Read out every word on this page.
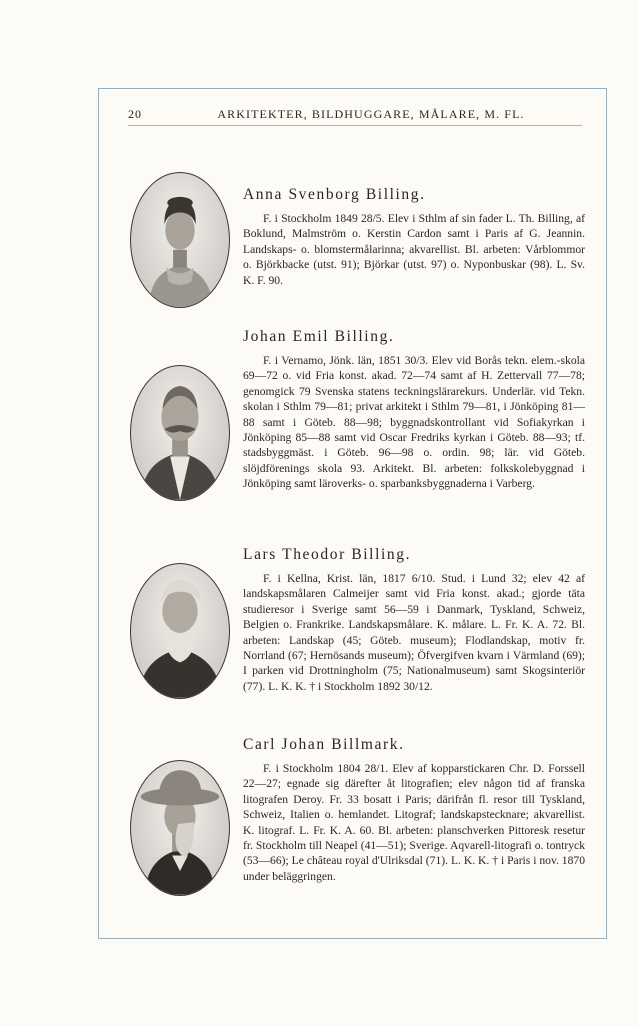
20	ARKITEKTER, BILDHUGGARE, MÅLARE, M. FL.

Anna Svenborg Billing.

F. i Stockholm 1849 28/5. Elev i Sthlm af sin fader L. Th. Billing, af Boklund, Malmström o. Kerstin Cardon samt i Paris af G. Jeannin. Landskaps- o. blomstermålarinna; akvarellist. Bl. arbeten: Vårblommor o. Björkbacke (utst. 91); Björkar (utst. 97) o. Nyponbuskar (98). L. Sv. K. F. 90.

Johan Emil Billing.

F. i Vernamo, Jönk. län, 1851 30/3. Elev vid Borås tekn. elem.-skola 69—72 o. vid Fria konst. akad. 72—74 samt af H. Zettervall 77—78; genomgick 79 Svenska statens teckningslärarekurs. Underlär. vid Tekn. skolan i Sthlm 79—81; privat arkitekt i Sthlm 79—81, i Jönköping 81—88 samt i Göteb. 88—98; byggnadskontrollant vid Sofiakyrkan i Jönköping 85—88 samt vid Oscar Fredriks kyrkan i Göteb. 88—93; tf. stadsbyggmäst. i Göteb. 96—98 o. ordin. 98; lär. vid Göteb. slöjdförenings skola 93. Arkitekt. Bl. arbeten: folkskolebyggnad i Jönköping samt läroverks- o. sparbanksbyggnaderna i Varberg.

Lars Theodor Billing.

F. i Kellna, Krist. län, 1817 6/10. Stud. i Lund 32; elev 42 af landskapsmålaren Calmeijer samt vid Fria konst. akad.; gjorde täta studieresor i Sverige samt 56—59 i Danmark, Tyskland, Schweiz, Belgien o. Frankrike. Landskapsmålare. K. målare. L. Fr. K. A. 72. Bl. arbeten: Landskap (45; Göteb. museum); Flodlandskap, motiv fr. Norrland (67; Hernösands museum); Öfvergifven kvarn i Värmland (69); I parken vid Drottningholm (75; Nationalmuseum) samt Skogsinteriör (77). L. K. K. † i Stockholm 1892 30/12.

Carl Johan Billmark.

F. i Stockholm 1804 28/1. Elev af kopparstickaren Chr. D. Forssell 22—27; egnade sig därefter åt litografien; elev någon tid af franska litografen Deroy. Fr. 33 bosatt i Paris; därifrån fl. resor till Tyskland, Schweiz, Italien o. hemlandet. Litograf; landskapstecknare; akvarellist. K. litograf. L. Fr. K. A. 60. Bl. arbeten: planschverken Pittoresk resetur fr. Stockholm till Neapel (41—51); Sverige. Aqvarell-litografi o. tontryck (53—66); Le château royal d'Ulriksdal (71). L. K. K. † i Paris i nov. 1870 under beläggringen.
